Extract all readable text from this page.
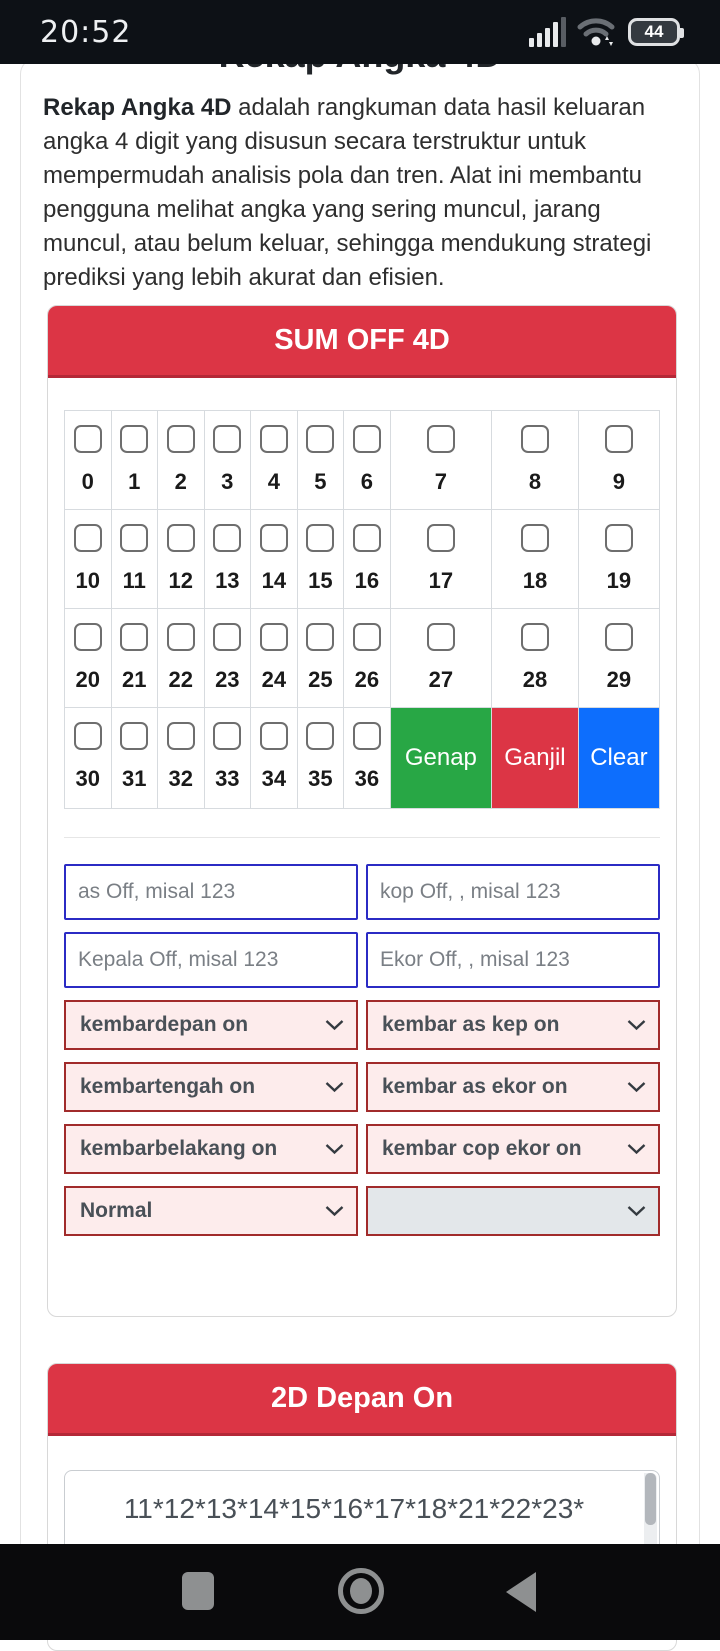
20:52	44

Rekap Angka 4D adalah rangkuman data hasil keluaran angka 4 digit yang disusun secara terstruktur untuk mempermudah analisis pola dan tren. Alat ini membantu pengguna melihat angka yang sering muncul, jarang muncul, atau belum keluar, sehingga mendukung strategi prediksi yang lebih akurat dan efisien.

SUM OFF 4D
0	1	2	3	4	5	6	7	8	9

10	11	12	13	14	15	16	17	18	19

20	21	22	23	24	25	26	27	28	29

30	31	32	33	34	35	36	Genap	Ganjil	Clear
as Off, misal 123
kop Off, , misal 123
Kepala Off, misal 123
Ekor Off, , misal 123
kembardepan on	kembar as kep on
kembartengah on	kembar as ekor on
kembarbelakang on	kembar cop ekor on
Normal
2D Depan On
11*12*13*14*15*16*17*18*21*22*23*
